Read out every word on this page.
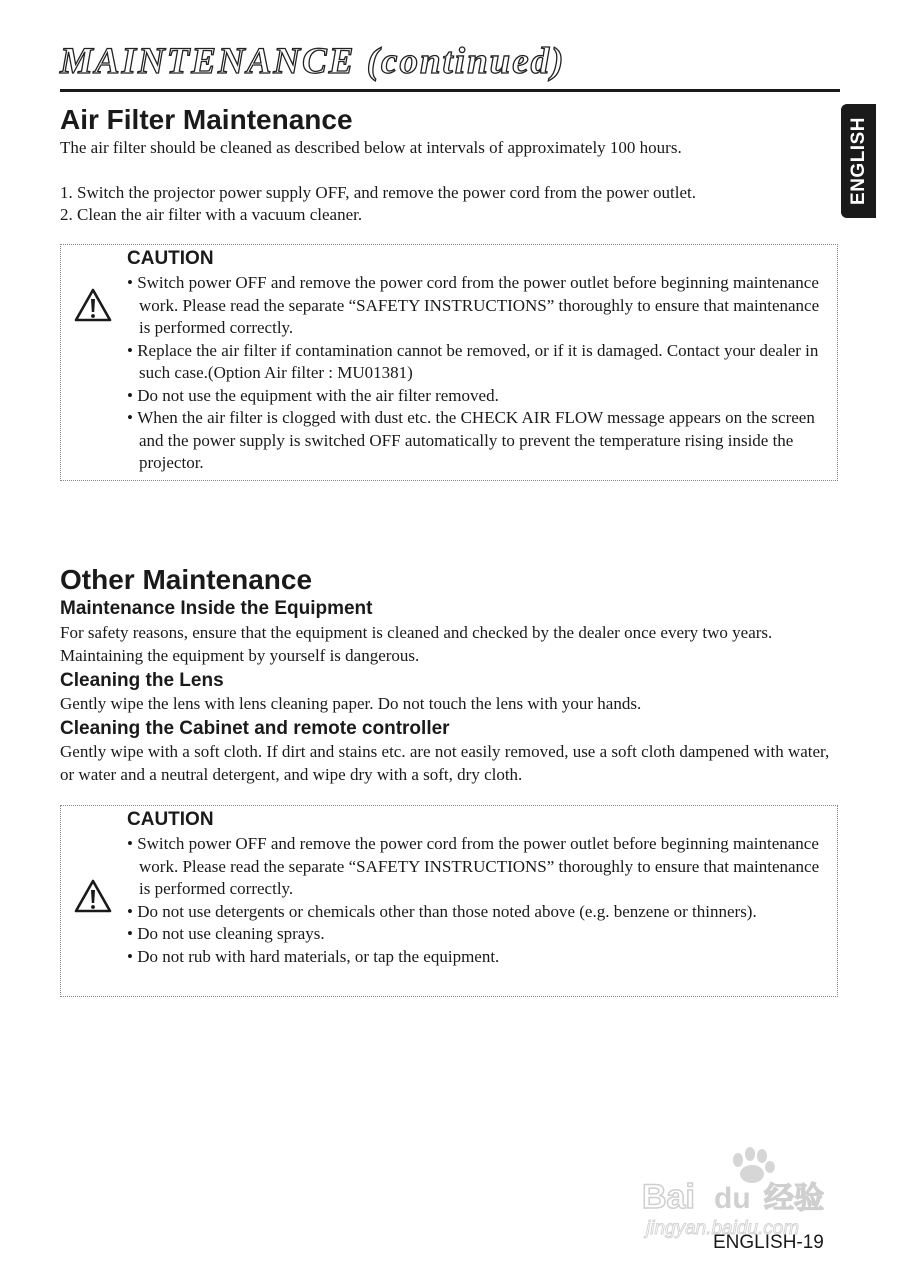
MAINTENANCE (continued)
ENGLISH
Air Filter Maintenance

The air filter should be cleaned as described below at intervals of approximately 100 hours.

1. Switch the projector power supply OFF, and remove the power cord from the power outlet.

2. Clean the air filter with a vacuum cleaner.

CAUTION
• Switch power OFF and remove the power cord from the power outlet before beginning maintenance work. Please read the separate “SAFETY INSTRUCTIONS” thoroughly to ensure that maintenance is performed correctly.
• Replace the air filter if contamination cannot be removed, or if it is damaged. Contact your dealer in such case.(Option Air filter : MU01381)
• Do not use the equipment with the air filter removed.
• When the air filter is clogged with dust etc. the CHECK AIR FLOW message appears on the screen and the power supply is switched OFF automatically to prevent the temperature rising inside the projector.
Other Maintenance
Maintenance Inside the Equipment

For safety reasons, ensure that the equipment is cleaned and checked by the dealer once every two years. Maintaining the equipment by yourself is dangerous.

Cleaning the Lens

Gently wipe the lens with lens cleaning paper. Do not touch the lens with your hands.

Cleaning the Cabinet and remote controller

Gently wipe with a soft cloth. If dirt and stains etc. are not easily removed, use a soft cloth dampened with water, or water and a neutral detergent, and wipe dry with a soft, dry cloth.

CAUTION
• Switch power OFF and remove the power cord from the power outlet before beginning maintenance work. Please read the separate “SAFETY INSTRUCTIONS” thoroughly to ensure that maintenance is performed correctly.
• Do not use detergents or chemicals other than those noted above (e.g. benzene or thinners).
• Do not use cleaning sprays.
• Do not rub with hard materials, or tap the equipment.
Bai du 经验
jingyan.baidu.com
ENGLISH-19
